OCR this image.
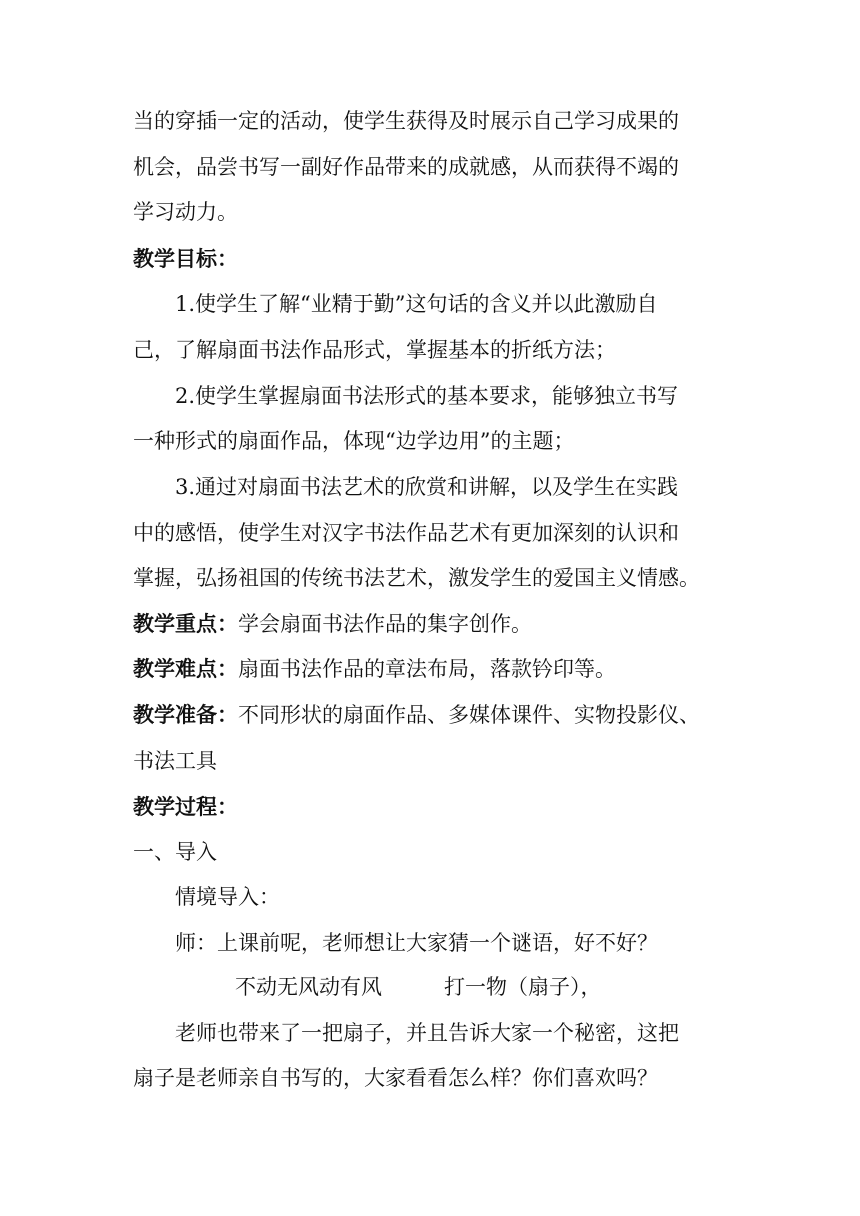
当的穿插一定的活动，使学生获得及时展示自己学习成果的
机会，品尝书写一副好作品带来的成就感，从而获得不竭的
学习动力。
教学目标：
1.使学生了解“业精于勤”这句话的含义并以此激励自
己，了解扇面书法作品形式，掌握基本的折纸方法；
2.使学生掌握扇面书法形式的基本要求，能够独立书写
一种形式的扇面作品，体现“边学边用”的主题；
3.通过对扇面书法艺术的欣赏和讲解，以及学生在实践
中的感悟，使学生对汉字书法作品艺术有更加深刻的认识和
掌握，弘扬祖国的传统书法艺术，激发学生的爱国主义情感。
教学重点：学会扇面书法作品的集字创作。
教学难点：扇面书法作品的章法布局，落款钤印等。
教学准备：不同形状的扇面作品、多媒体课件、实物投影仪、
书法工具
教学过程：
一、导入
情境导入：
师：上课前呢，老师想让大家猜一个谜语，好不好？
不动无风动有风	打一物（扇子），
老师也带来了一把扇子，并且告诉大家一个秘密，这把
扇子是老师亲自书写的，大家看看怎么样？你们喜欢吗？
